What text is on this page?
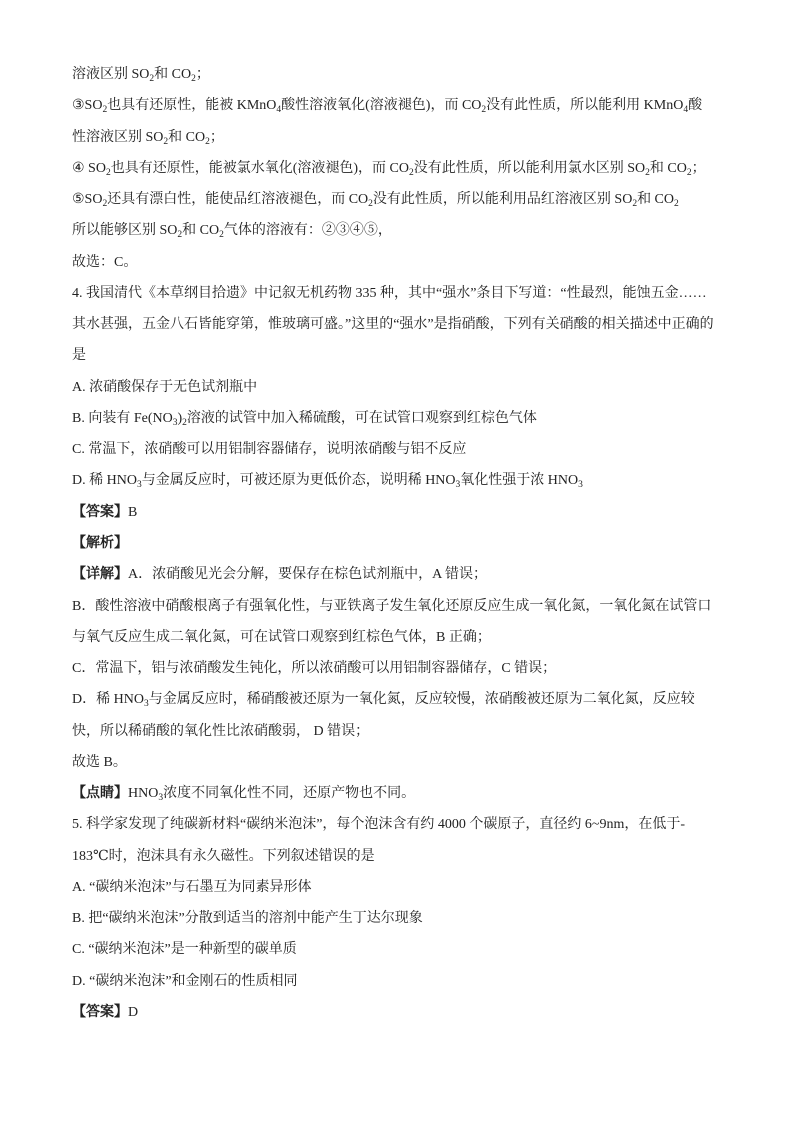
溶液区别 $SO_2$和 $CO_2$；

$③SO_2$也具有还原性，能被 KMnO$_4$酸性溶液氧化(溶液褪色)，而 $CO_2$没有此性质，所以能利用 KMnO$_4$酸

性溶液区别 $SO_2$和 $CO_2$；

④ $SO_2$也具有还原性，能被氯水氧化(溶液褪色)，而 $CO_2$没有此性质，所以能利用氯水区别 $SO_2$和 $CO_2$；

$⑤SO_2$还具有漂白性，能使品红溶液褪色，而 $CO_2$没有此性质，所以能利用品红溶液区别 $SO_2$和 $CO_2$

所以能够区别 $SO_2$和 $CO_2$气体的溶液有：②③④⑤，

故选：C。

4. 我国清代《本草纲目拾遗》中记叙无机药物 335 种，其中“强水”条目下写道：“性最烈，能蚀五金……

其水甚强，五金八石皆能穿第，惟玻璃可盛。”这里的“强水”是指硝酸，下列有关硝酸的相关描述中正确的

是

A. 浓硝酸保存于无色试剂瓶中

B. 向装有 $Fe(NO_3)_2$溶液的试管中加入稀硫酸，可在试管口观察到红棕色气体

C. 常温下，浓硝酸可以用铝制容器储存，说明浓硝酸与铝不反应

D. 稀 $HNO_3$与金属反应时，可被还原为更低价态，说明稀 $HNO_3$氧化性强于浓 $HNO_3$

【答案】B

【解析】

【详解】A．浓硝酸见光会分解，要保存在棕色试剂瓶中，A 错误；

B．酸性溶液中硝酸根离子有强氧化性，与亚铁离子发生氧化还原反应生成一氧化氮，一氧化氮在试管口

与氧气反应生成二氧化氮，可在试管口观察到红棕色气体，B 正确；

C．常温下，铝与浓硝酸发生钝化，所以浓硝酸可以用铝制容器储存，C 错误；

D．稀 $HNO_3$与金属反应时，稀硝酸被还原为一氧化氮，反应较慢，浓硝酸被还原为二氧化氮，反应较

快，所以稀硝酸的氧化性比浓硝酸弱， D 错误；

故选 B。

【点睛】$HNO_3$浓度不同氧化性不同，还原产物也不同。

5. 科学家发现了纯碳新材料“碳纳米泡沫”，每个泡沫含有约 4000 个碳原子，直径约 6~9nm，在低于-

183℃时，泡沫具有永久磁性。下列叙述错误的是

A. “碳纳米泡沫”与石墨互为同素异形体

B. 把“碳纳米泡沫”分散到适当的溶剂中能产生丁达尔现象

C. “碳纳米泡沫”是一种新型的碳单质

D. “碳纳米泡沫”和金刚石的性质相同

【答案】D
